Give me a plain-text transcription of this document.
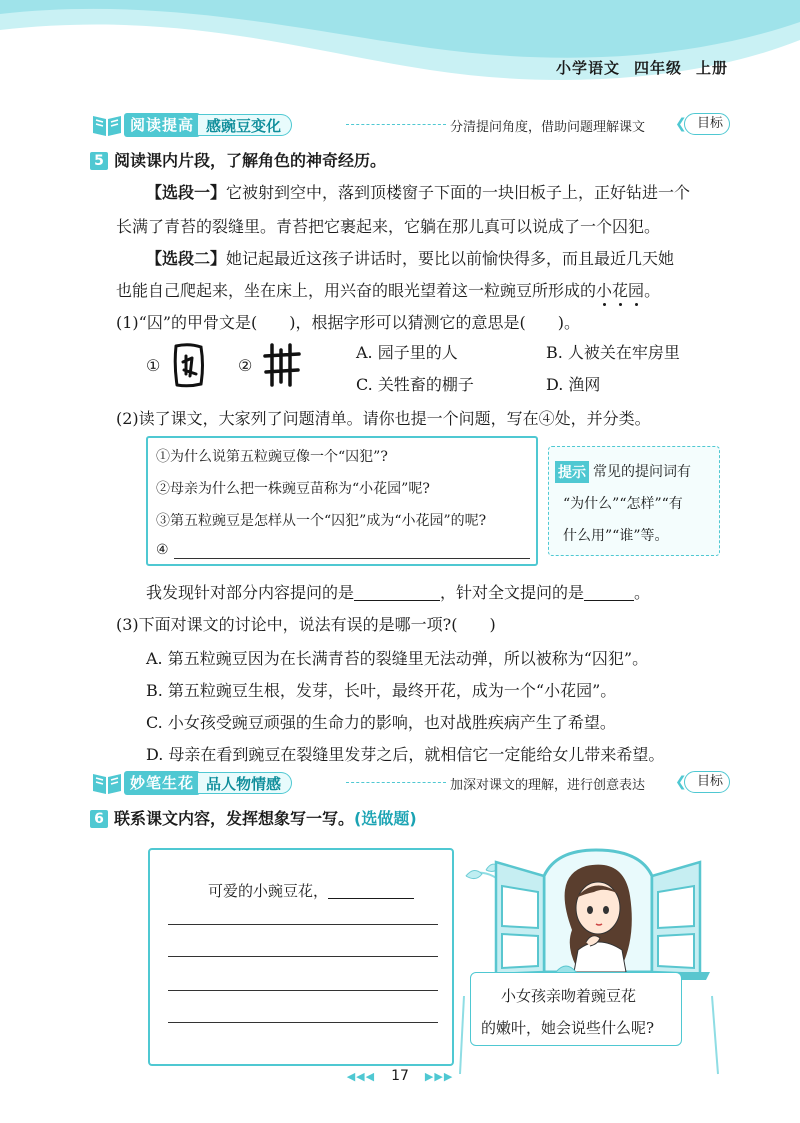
小学语文 四年级 上册
阅读提高 感豌豆变化	分清提问角度，借助问题理解课文	❮ 目标
5 阅读课内片段，了解角色的神奇经历。
【选段一】它被射到空中，落到顶楼窗子下面的一块旧板子上，正好钻进一个
长满了青苔的裂缝里。青苔把它裹起来，它躺在那儿真可以说成了一个囚犯。
【选段二】她记起最近这孩子讲话时，要比以前愉快得多，而且最近几天她
也能自己爬起来，坐在床上，用兴奋的眼光望着这一粒豌豆所形成的小花园。
(1)“囚”的甲骨文是(　　)，根据字形可以猜测它的意思是(　　)。
①	②
A. 园子里的人	B. 人被关在牢房里
C. 关牲畜的棚子	D. 渔网
(2)读了课文，大家列了问题清单。请你也提一个问题，写在④处，并分类。
①为什么说第五粒豌豆像一个“囚犯”?
②母亲为什么把一株豌豆苗称为“小花园”呢?
③第五粒豌豆是怎样从一个“囚犯”成为“小花园”的呢?
④
提示 常见的提问词有
“为什么”“怎样”“有
什么用”“谁”等。
我发现针对部分内容提问的是	，针对全文提问的是	。
(3)下面对课文的讨论中，说法有误的是哪一项?(　　)
A. 第五粒豌豆因为在长满青苔的裂缝里无法动弹，所以被称为“囚犯”。
B. 第五粒豌豆生根，发芽，长叶，最终开花，成为一个“小花园”。
C. 小女孩受豌豆顽强的生命力的影响，也对战胜疾病产生了希望。
D. 母亲在看到豌豆在裂缝里发芽之后，就相信它一定能给女儿带来希望。
妙笔生花 品人物情感	加深对课文的理解，进行创意表达	❮ 目标
6 联系课文内容，发挥想象写一写。(选做题)
可爱的小豌豆花，
小女孩亲吻着豌豆花
的嫩叶，她会说些什么呢?
◀◀◀ 17 ▶▶▶
